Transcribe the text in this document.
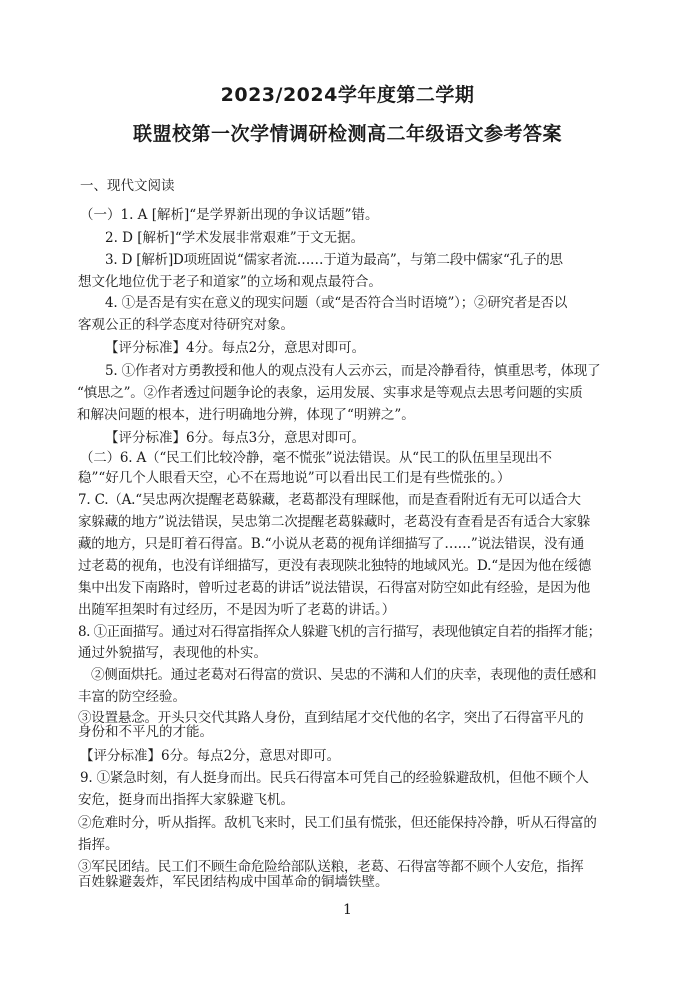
2023/2024学年度第二学期
联盟校第一次学情调研检测高二年级语文参考答案
一、现代文阅读
（一）1. A [解析]“是学界新出现的争议话题”错。
2. D [解析]“学术发展非常艰难”于文无据。
3. D [解析]D项班固说“儒家者流……于道为最高”，与第二段中儒家“孔子的思
想文化地位优于老子和道家”的立场和观点最符合。
4. ①是否是有实在意义的现实问题（或“是否符合当时语境”）；②研究者是否以
客观公正的科学态度对待研究对象。
【评分标准】4分。每点2分，意思对即可。
5. ①作者对方勇教授和他人的观点没有人云亦云，而是冷静看待，慎重思考，体现了
“慎思之”。②作者透过问题争论的表象，运用发展、实事求是等观点去思考问题的实质
和解决问题的根本，进行明确地分辨，体现了“明辨之”。
【评分标准】6分。每点3分，意思对即可。
（二）6. A（“民工们比较冷静，毫不慌张”说法错误。从“民工的队伍里呈现出不
稳”“好几个人眼看天空，心不在焉地说”可以看出民工们是有些慌张的。）
7. C.（A.“吴忠两次提醒老葛躲藏，老葛都没有理睬他，而是查看附近有无可以适合大
家躲藏的地方”说法错误，吴忠第二次提醒老葛躲藏时，老葛没有查看是否有适合大家躲
藏的地方，只是盯着石得富。B.“小说从老葛的视角详细描写了……”说法错误，没有通
过老葛的视角，也没有详细描写，更没有表现陕北独特的地域风光。D.“是因为他在绥德
集中出发下南路时，曾听过老葛的讲话”说法错误，石得富对防空如此有经验，是因为他
出随军担架时有过经历，不是因为听了老葛的讲话。）
8. ①正面描写。通过对石得富指挥众人躲避飞机的言行描写，表现他镇定自若的指挥才能；
通过外貌描写，表现他的朴实。
②侧面烘托。通过老葛对石得富的赏识、吴忠的不满和人们的庆幸，表现他的责任感和
丰富的防空经验。
③设置悬念。开头只交代其路人身份，直到结尾才交代他的名字，突出了石得富平凡的
身份和不平凡的才能。
【评分标准】6分。每点2分，意思对即可。
9. ①紧急时刻，有人挺身而出。民兵石得富本可凭自己的经验躲避敌机，但他不顾个人
安危，挺身而出指挥大家躲避飞机。
②危难时分，听从指挥。敌机飞来时，民工们虽有慌张，但还能保持冷静，听从石得富的
指挥。
③军民团结。民工们不顾生命危险给部队送粮，老葛、石得富等都不顾个人安危，指挥
百姓躲避轰炸，军民团结构成中国革命的铜墙铁壁。
1
